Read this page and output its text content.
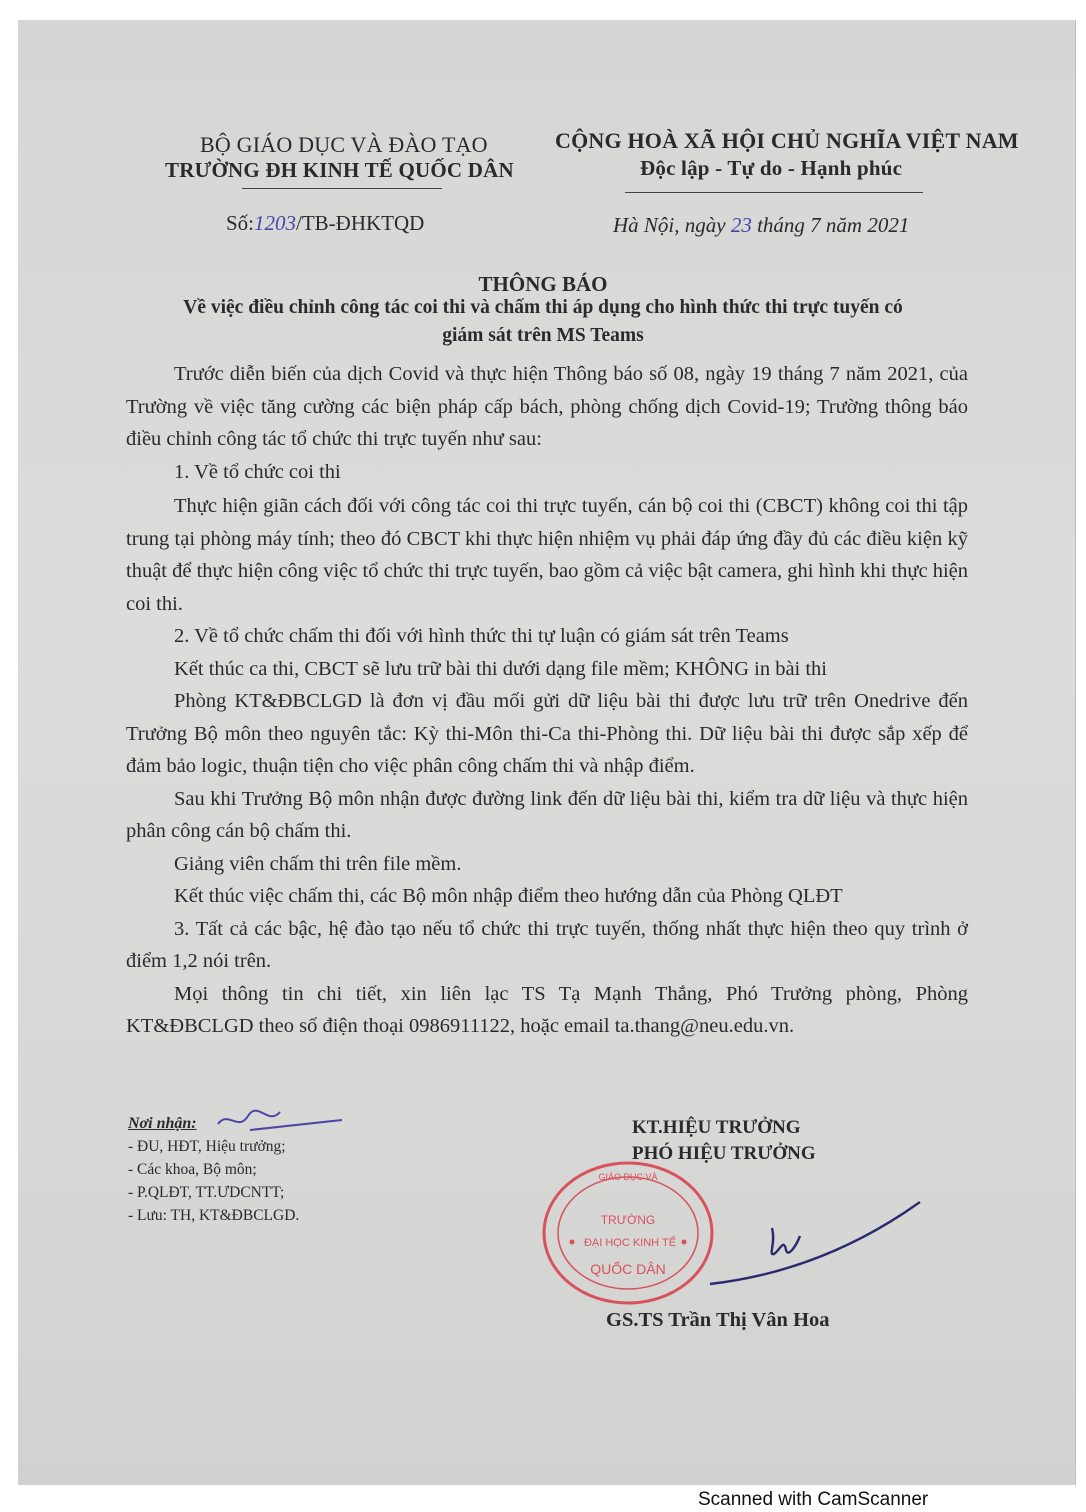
BỘ GIÁO DỤC VÀ ĐÀO TẠO
TRƯỜNG ĐH KINH TẾ QUỐC DÂN
Số:1203/TB-ĐHKTQD
CỘNG HOÀ XÃ HỘI CHỦ NGHĨA VIỆT NAM
Độc lập - Tự do - Hạnh phúc
Hà Nội, ngày 23 tháng 7 năm 2021
THÔNG BÁO
Về việc điều chỉnh công tác coi thi và chấm thi áp dụng cho hình thức thi trực tuyến có
giám sát trên MS Teams

Trước diễn biến của dịch Covid và thực hiện Thông báo số 08, ngày 19 tháng 7 năm 2021, của Trường về việc tăng cường các biện pháp cấp bách, phòng chống dịch Covid-19; Trường thông báo điều chỉnh công tác tổ chức thi trực tuyến như sau:

1. Về tổ chức coi thi

Thực hiện giãn cách đối với công tác coi thi trực tuyến, cán bộ coi thi (CBCT) không coi thi tập trung tại phòng máy tính; theo đó CBCT khi thực hiện nhiệm vụ phải đáp ứng đầy đủ các điều kiện kỹ thuật để thực hiện công việc tổ chức thi trực tuyến, bao gồm cả việc bật camera, ghi hình khi thực hiện coi thi.

2. Về tổ chức chấm thi đối với hình thức thi tự luận có giám sát trên Teams

Kết thúc ca thi, CBCT sẽ lưu trữ bài thi dưới dạng file mềm; KHÔNG in bài thi

Phòng KT&ĐBCLGD là đơn vị đầu mối gửi dữ liệu bài thi được lưu trữ trên Onedrive đến Trưởng Bộ môn theo nguyên tắc: Kỳ thi-Môn thi-Ca thi-Phòng thi. Dữ liệu bài thi được sắp xếp để đảm bảo logic, thuận tiện cho việc phân công chấm thi và nhập điểm.

Sau khi Trưởng Bộ môn nhận được đường link đến dữ liệu bài thi, kiểm tra dữ liệu và thực hiện phân công cán bộ chấm thi.

Giảng viên chấm thi trên file mềm.

Kết thúc việc chấm thi, các Bộ môn nhập điểm theo hướng dẫn của Phòng QLĐT

3. Tất cả các bậc, hệ đào tạo nếu tổ chức thi trực tuyến, thống nhất thực hiện theo quy trình ở điểm 1,2 nói trên.

Mọi thông tin chi tiết, xin liên lạc TS Tạ Mạnh Thắng, Phó Trưởng phòng, Phòng KT&ĐBCLGD theo số điện thoại 0986911122, hoặc email ta.thang@neu.edu.vn.

Nơi nhận:
- ĐU, HĐT, Hiệu trưởng;
- Các khoa, Bộ môn;
- P.QLĐT, TT.ƯDCNTT;
- Lưu: TH, KT&ĐBCLGD.
KT.HIỆU TRƯỞNG
PHÓ HIỆU TRƯỞNG
GIÁO DỤC VÀ
TRƯỜNG
ĐẠI HỌC KINH TẾ
QUỐC DÂN
GS.TS Trần Thị Vân Hoa
Scanned with CamScanner
